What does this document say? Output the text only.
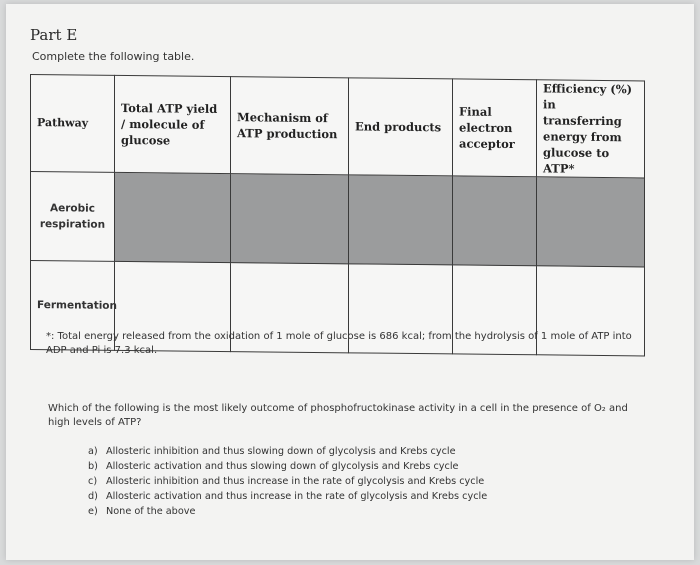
Part E
Complete the following table.
Pathway	Total ATP yield / molecule of glucose	Mechanism of ATP production	End products	Final electron acceptor	Efficiency (%) in transferring energy from glucose to ATP*
Aerobic respiration					
Fermentation					
*: Total energy released from the oxidation of 1 mole of glucose is 686 kcal; from the hydrolysis of 1 mole of ATP into ADP and Pi is 7.3 kcal.
Which of the following is the most likely outcome of phosphofructokinase activity in a cell in the presence of O₂ and high levels of ATP?
a) Allosteric inhibition and thus slowing down of glycolysis and Krebs cycle
b) Allosteric activation and thus slowing down of glycolysis and Krebs cycle
c) Allosteric inhibition and thus increase in the rate of glycolysis and Krebs cycle
d) Allosteric activation and thus increase in the rate of glycolysis and Krebs cycle
e) None of the above
